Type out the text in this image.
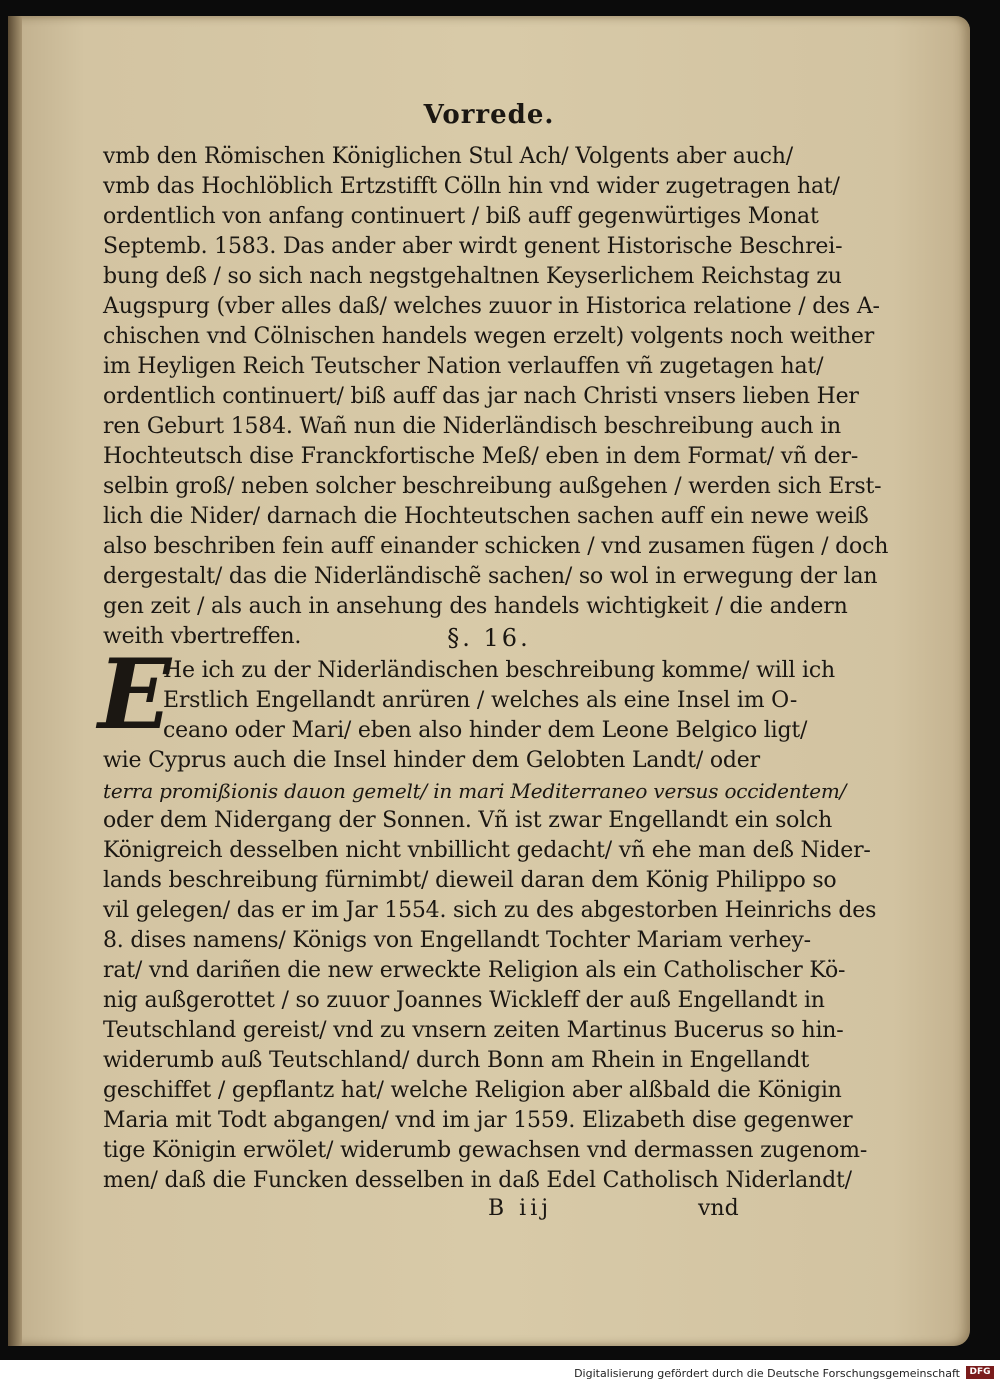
Vorrede.
vmb den Römischen Königlichen Stul Ach/ Volgents aber auch/
vmb das Hochlöblich Ertzstifft Cölln hin vnd wider zugetragen hat/
ordentlich von anfang continuert / biß auff gegenwürtiges Monat
Septemb. 1583. Das ander aber wirdt genent Historische Beschrei-
bung deß / so sich nach negstgehaltnen Keyserlichem Reichstag zu
Augspurg (vber alles daß/ welches zuuor in Historica relatione / des A-
chischen vnd Cölnischen handels wegen erzelt) volgents noch weither
im Heyligen Reich Teutscher Nation verlauffen vñ zugetagen hat/
ordentlich continuert/ biß auff das jar nach Christi vnsers lieben Her
ren Geburt 1584. Wañ nun die Niderländisch beschreibung auch in
Hochteutsch dise Franckfortische Meß/ eben in dem Format/ vñ der-
selbin groß/ neben solcher beschreibung außgehen / werden sich Erst-
lich die Nider/ darnach die Hochteutschen sachen auff ein newe weiß
also beschriben fein auff einander schicken / vnd zusamen fügen / doch
dergestalt/ das die Niderländischẽ sachen/ so wol in erwegung der lan
gen zeit / als auch in ansehung des handels wichtigkeit / die andern
weith vbertreffen.	§. 16.
E
He ich zu der Niderländischen beschreibung komme/ will ich
Erstlich Engellandt anrüren / welches als eine Insel im O-
ceano oder Mari/ eben also hinder dem Leone Belgico ligt/
wie Cyprus auch die Insel hinder dem Gelobten Landt/ oder
terra promißionis dauon gemelt/ in mari Mediterraneo versus occidentem/
oder dem Nidergang der Sonnen. Vñ ist zwar Engellandt ein solch
Königreich desselben nicht vnbillicht gedacht/ vñ ehe man deß Nider-
lands beschreibung fürnimbt/ dieweil daran dem König Philippo so
vil gelegen/ das er im Jar 1554. sich zu des abgestorben Heinrichs des
8. dises namens/ Königs von Engellandt Tochter Mariam verhey-
rat/ vnd dariñen die new erweckte Religion als ein Catholischer Kö-
nig außgerottet / so zuuor Joannes Wickleff der auß Engellandt in
Teutschland gereist/ vnd zu vnsern zeiten Martinus Bucerus so hin-
widerumb auß Teutschland/ durch Bonn am Rhein in Engellandt
geschiffet / gepflantz hat/ welche Religion aber alßbald die Königin
Maria mit Todt abgangen/ vnd im jar 1559. Elizabeth dise gegenwer
tige Königin erwölet/ widerumb gewachsen vnd dermassen zugenom-
men/ daß die Funcken desselben in daß Edel Catholisch Niderlandt/
B iij	vnd
Digitalisierung gefördert durch die Deutsche Forschungsgemeinschaft	DFG
